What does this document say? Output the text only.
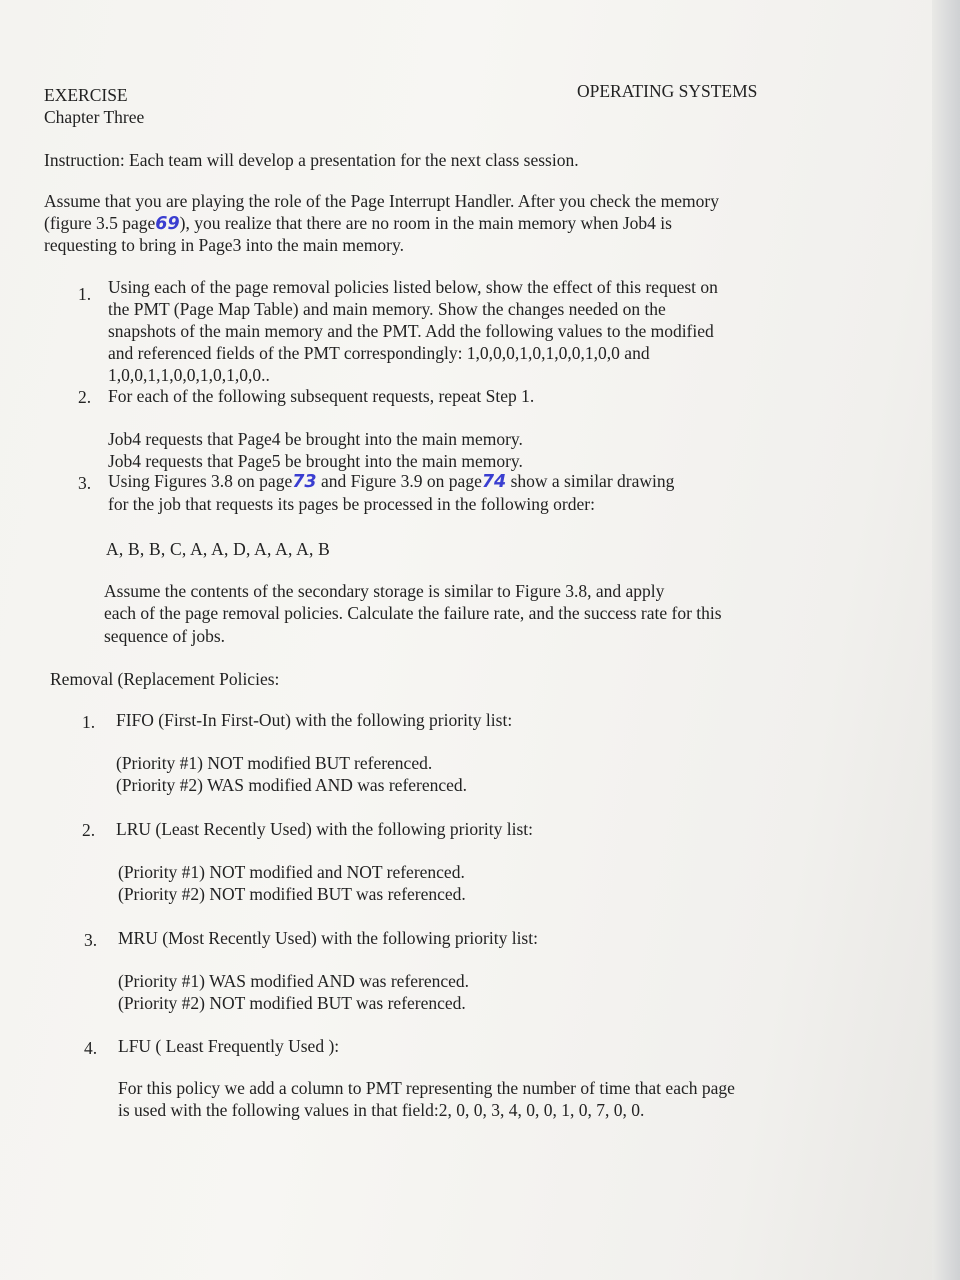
EXERCISE
Chapter Three
OPERATING SYSTEMS
Instruction: Each team will develop a presentation for the next class session.
Assume that you are playing the role of the Page Interrupt Handler. After you check the memory
(figure 3.5 page69), you realize that there are no room in the main memory when Job4 is
requesting to bring in Page3 into the main memory.
1. Using each of the page removal policies listed below, show the effect of this request on
the PMT (Page Map Table) and main memory. Show the changes needed on the
snapshots of the main memory and the PMT. Add the following values to the modified
and referenced fields of the PMT correspondingly: 1,0,0,0,1,0,1,0,0,1,0,0 and
1,0,0,1,1,0,0,1,0,1,0,0..
2. For each of the following subsequent requests, repeat Step 1.
Job4 requests that Page4 be brought into the main memory.
Job4 requests that Page5 be brought into the main memory.
3. Using Figures 3.8 on page73 and Figure 3.9 on page74 show a similar drawing
for the job that requests its pages be processed in the following order:
A, B, B, C, A, A, D, A, A, A, B
Assume the contents of the secondary storage is similar to Figure 3.8, and apply
each of the page removal policies. Calculate the failure rate, and the success rate for this
sequence of jobs.
Removal (Replacement Policies:
1. FIFO (First-In First-Out) with the following priority list:
(Priority #1) NOT modified BUT referenced.
(Priority #2) WAS modified AND was referenced.
2. LRU (Least Recently Used) with the following priority list:
(Priority #1) NOT modified and NOT referenced.
(Priority #2) NOT modified BUT was referenced.
3. MRU (Most Recently Used) with the following priority list:
(Priority #1) WAS modified AND was referenced.
(Priority #2) NOT modified BUT was referenced.
4. LFU ( Least Frequently Used ):
For this policy we add a column to PMT representing the number of time that each page
is used with the following values in that field:2, 0, 0, 3, 4, 0, 0, 1, 0, 7, 0, 0.
